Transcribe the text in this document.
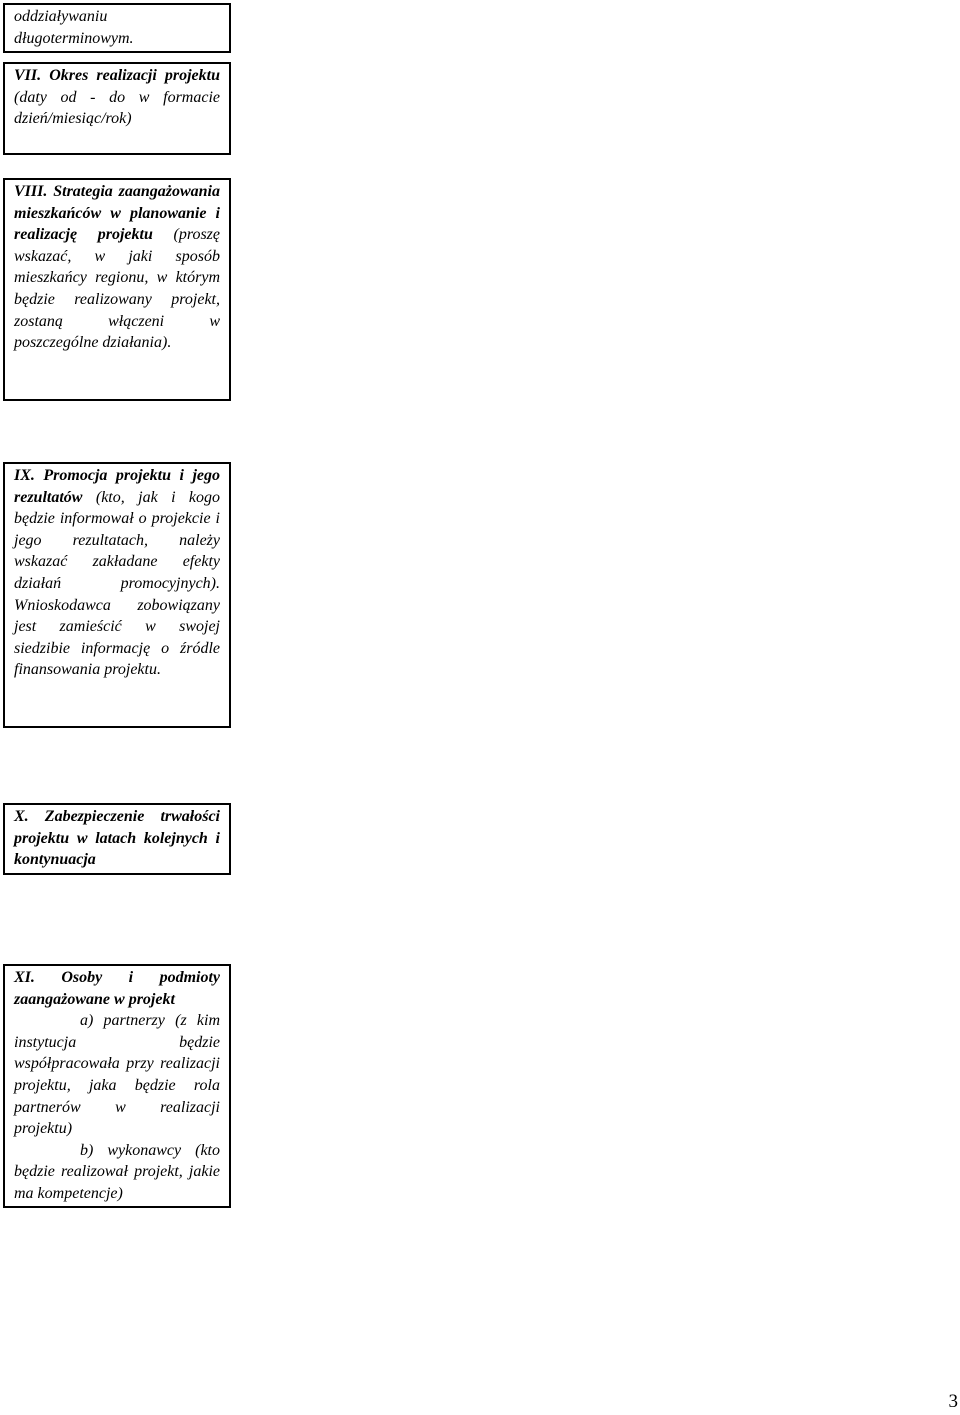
oddziaływaniu długoterminowym.

VII. Okres realizacji projektu (daty od - do w formacie dzień/miesiąc/rok)

VIII. Strategia zaangażowania mieszkańców w planowanie i realizację projektu (proszę wskazać, w jaki sposób mieszkańcy regionu, w którym będzie realizowany projekt, zostaną włączeni w poszczególne działania).

IX. Promocja projektu i jego rezultatów (kto, jak i kogo będzie informował o projekcie i jego rezultatach, należy wskazać zakładane efekty działań promocyjnych). Wnioskodawca zobowiązany jest zamieścić w swojej siedzibie informację o źródle finansowania projektu.

X. Zabezpieczenie trwałości projektu w latach kolejnych i kontynuacja

XI. Osoby i podmioty zaangażowane w projekt

a) partnerzy (z kim instytucja będzie współpracowała przy realizacji projektu, jaka będzie rola partnerów w realizacji projektu)

b) wykonawcy (kto będzie realizował projekt, jakie ma kompetencje)

3
